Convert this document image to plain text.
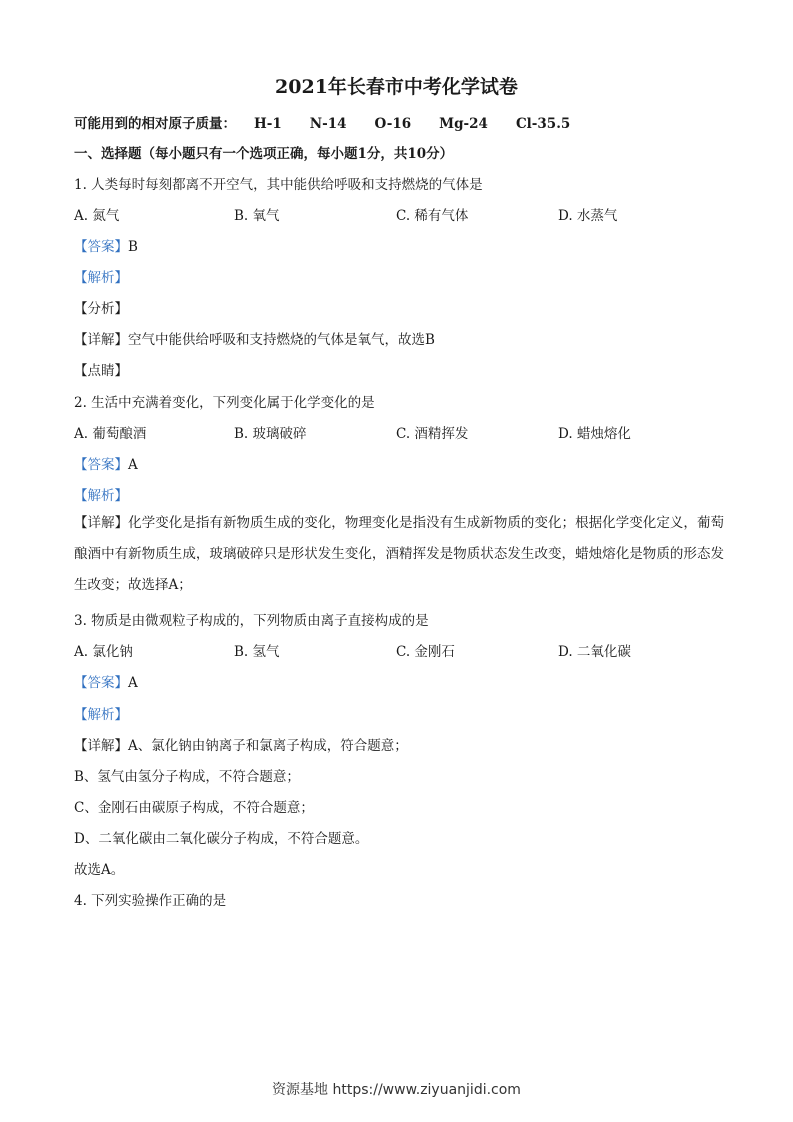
2021年长春市中考化学试卷
可能用到的相对原子质量： H-1 N-14 O-16 Mg-24 Cl-35.5
一、选择题（每小题只有一个选项正确，每小题1分，共10分）
1. 人类每时每刻都离不开空气，其中能供给呼吸和支持燃烧的气体是
A. 氮气	B. 氧气	C. 稀有气体	D. 水蒸气
【答案】B
【解析】
【分析】
【详解】空气中能供给呼吸和支持燃烧的气体是氧气，故选B
【点睛】
2. 生活中充满着变化，下列变化属于化学变化的是
A. 葡萄酿酒	B. 玻璃破碎	C. 酒精挥发	D. 蜡烛熔化
【答案】A
【解析】
【详解】化学变化是指有新物质生成的变化，物理变化是指没有生成新物质的变化；根据化学变化定义，葡萄酿酒中有新物质生成，玻璃破碎只是形状发生变化，酒精挥发是物质状态发生改变，蜡烛熔化是物质的形态发生改变；故选择A；
3. 物质是由微观粒子构成的，下列物质由离子直接构成的是
A. 氯化钠	B. 氢气	C. 金刚石	D. 二氧化碳
【答案】A
【解析】
【详解】A、氯化钠由钠离子和氯离子构成，符合题意；
B、氢气由氢分子构成，不符合题意；
C、金刚石由碳原子构成，不符合题意；
D、二氧化碳由二氧化碳分子构成，不符合题意。
故选A。
4. 下列实验操作正确的是
资源基地 https://www.ziyuanjidi.com
